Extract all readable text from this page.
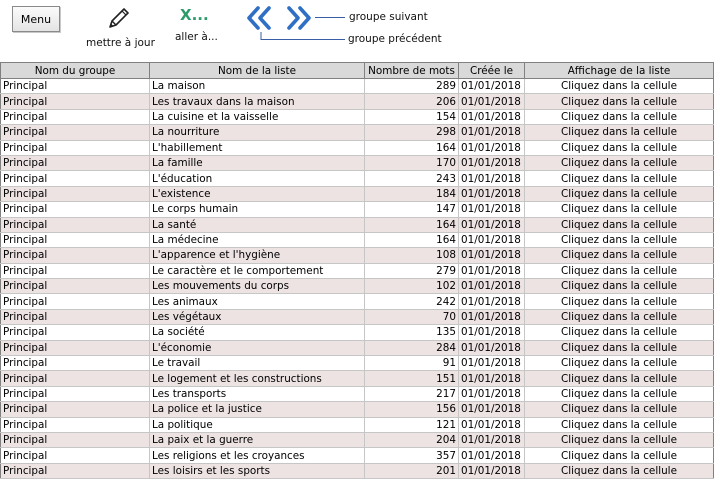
Menu
mettre à jour
X...
aller à...
groupe suivant
groupe précédent
Nom du groupe	Nom de la liste	Nombre de mots	Créée le	Affichage de la liste
Principal	La maison	289	01/01/2018	Cliquez dans la cellule
Principal	Les travaux dans la maison	206	01/01/2018	Cliquez dans la cellule
Principal	La cuisine et la vaisselle	154	01/01/2018	Cliquez dans la cellule
Principal	La nourriture	298	01/01/2018	Cliquez dans la cellule
Principal	L'habillement	164	01/01/2018	Cliquez dans la cellule
Principal	La famille	170	01/01/2018	Cliquez dans la cellule
Principal	L'éducation	243	01/01/2018	Cliquez dans la cellule
Principal	L'existence	184	01/01/2018	Cliquez dans la cellule
Principal	Le corps humain	147	01/01/2018	Cliquez dans la cellule
Principal	La santé	164	01/01/2018	Cliquez dans la cellule
Principal	La médecine	164	01/01/2018	Cliquez dans la cellule
Principal	L'apparence et l'hygiène	108	01/01/2018	Cliquez dans la cellule
Principal	Le caractère et le comportement	279	01/01/2018	Cliquez dans la cellule
Principal	Les mouvements du corps	102	01/01/2018	Cliquez dans la cellule
Principal	Les animaux	242	01/01/2018	Cliquez dans la cellule
Principal	Les végétaux	70	01/01/2018	Cliquez dans la cellule
Principal	La société	135	01/01/2018	Cliquez dans la cellule
Principal	L'économie	284	01/01/2018	Cliquez dans la cellule
Principal	Le travail	91	01/01/2018	Cliquez dans la cellule
Principal	Le logement et les constructions	151	01/01/2018	Cliquez dans la cellule
Principal	Les transports	217	01/01/2018	Cliquez dans la cellule
Principal	La police et la justice	156	01/01/2018	Cliquez dans la cellule
Principal	La politique	121	01/01/2018	Cliquez dans la cellule
Principal	La paix et la guerre	204	01/01/2018	Cliquez dans la cellule
Principal	Les religions et les croyances	357	01/01/2018	Cliquez dans la cellule
Principal	Les loisirs et les sports	201	01/01/2018	Cliquez dans la cellule
